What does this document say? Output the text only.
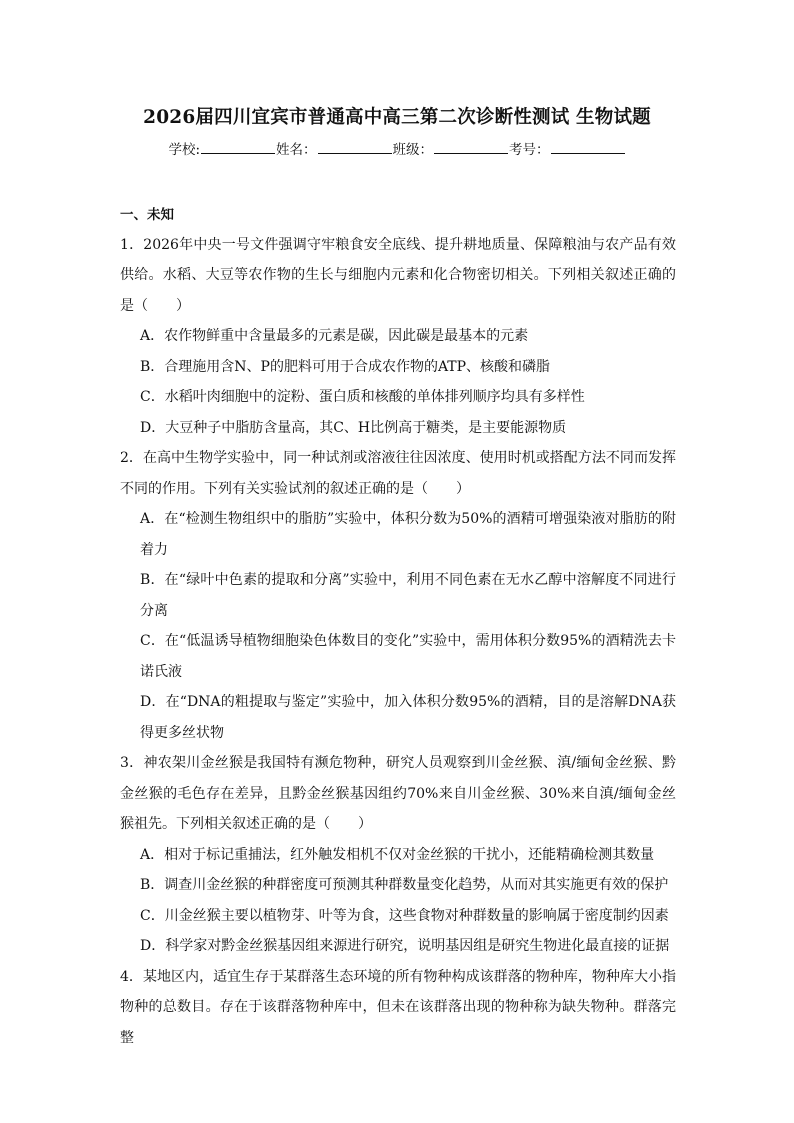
2026届四川宜宾市普通高中高三第二次诊断性测试 生物试题
学校:	姓名：	班级：	考号：
一、未知

1．2026年中央一号文件强调守牢粮食安全底线、提升耕地质量、保障粮油与农产品有效供给。水稻、大豆等农作物的生长与细胞内元素和化合物密切相关。下列相关叙述正确的是（　　）

A．农作物鲜重中含量最多的元素是碳，因此碳是最基本的元素
B．合理施用含N、P的肥料可用于合成农作物的ATP、核酸和磷脂
C．水稻叶肉细胞中的淀粉、蛋白质和核酸的单体排列顺序均具有多样性
D．大豆种子中脂肪含量高，其C、H比例高于糖类，是主要能源物质

2．在高中生物学实验中，同一种试剂或溶液往往因浓度、使用时机或搭配方法不同而发挥不同的作用。下列有关实验试剂的叙述正确的是（　　）

A．在“检测生物组织中的脂肪”实验中，体积分数为50%的酒精可增强染液对脂肪的附着力
B．在“绿叶中色素的提取和分离”实验中，利用不同色素在无水乙醇中溶解度不同进行分离
C．在“低温诱导植物细胞染色体数目的变化”实验中，需用体积分数95%的酒精洗去卡诺氏液
D．在“DNA的粗提取与鉴定”实验中，加入体积分数95%的酒精，目的是溶解DNA获得更多丝状物

3．神农架川金丝猴是我国特有濒危物种，研究人员观察到川金丝猴、滇/缅甸金丝猴、黔金丝猴的毛色存在差异，且黔金丝猴基因组约70%来自川金丝猴、30%来自滇/缅甸金丝猴祖先。下列相关叙述正确的是（　　）

A．相对于标记重捕法，红外触发相机不仅对金丝猴的干扰小，还能精确检测其数量
B．调查川金丝猴的种群密度可预测其种群数量变化趋势，从而对其实施更有效的保护
C．川金丝猴主要以植物芽、叶等为食，这些食物对种群数量的影响属于密度制约因素
D．科学家对黔金丝猴基因组来源进行研究，说明基因组是研究生物进化最直接的证据

4．某地区内，适宜生存于某群落生态环境的所有物种构成该群落的物种库，物种库大小指物种的总数目。存在于该群落物种库中，但未在该群落出现的物种称为缺失物种。群落完整
